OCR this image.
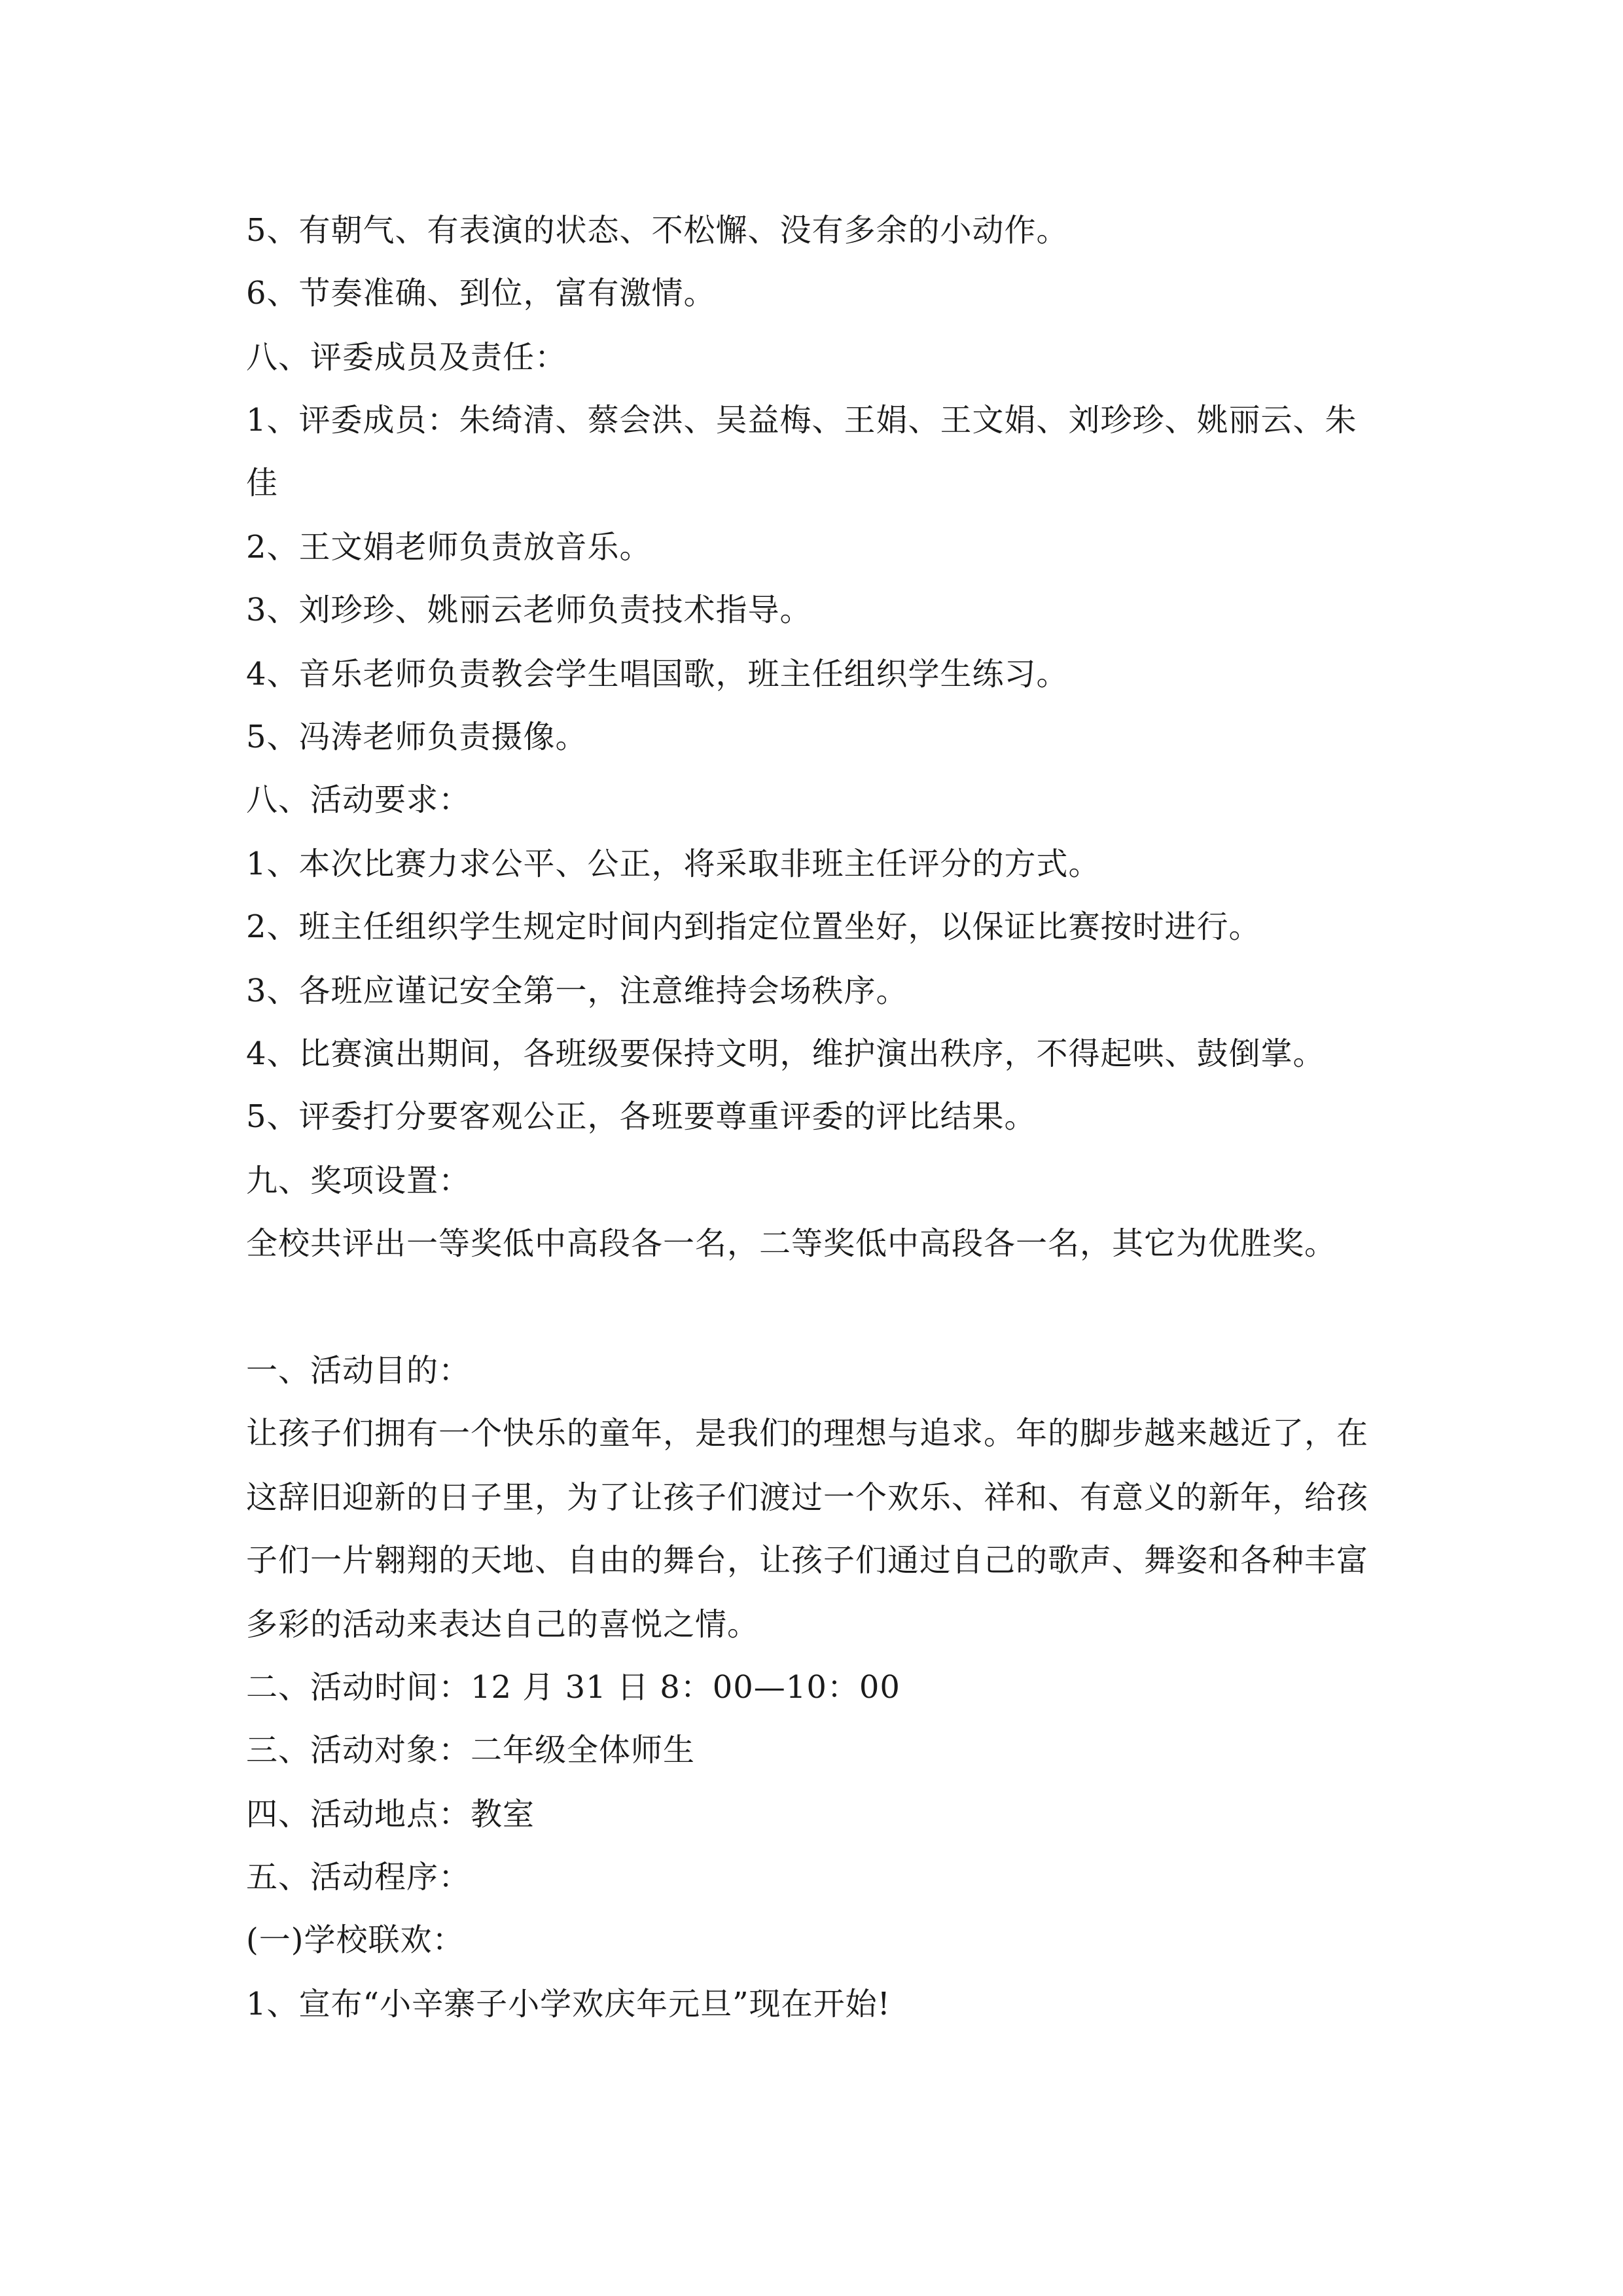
5、有朝气、有表演的状态、不松懈、没有多余的小动作。
6、节奏准确、到位，富有激情。
八、评委成员及责任：
1、评委成员：朱绮清、蔡会洪、吴益梅、王娟、王文娟、刘珍珍、姚丽云、朱
佳
2、王文娟老师负责放音乐。
3、刘珍珍、姚丽云老师负责技术指导。
4、音乐老师负责教会学生唱国歌，班主任组织学生练习。
5、冯涛老师负责摄像。
八、活动要求：
1、本次比赛力求公平、公正，将采取非班主任评分的方式。
2、班主任组织学生规定时间内到指定位置坐好，以保证比赛按时进行。
3、各班应谨记安全第一，注意维持会场秩序。
4、比赛演出期间，各班级要保持文明，维护演出秩序，不得起哄、鼓倒掌。
5、评委打分要客观公正，各班要尊重评委的评比结果。
九、奖项设置：
全校共评出一等奖低中高段各一名，二等奖低中高段各一名，其它为优胜奖。
一、活动目的：
让孩子们拥有一个快乐的童年，是我们的理想与追求。年的脚步越来越近了，在
这辞旧迎新的日子里，为了让孩子们渡过一个欢乐、祥和、有意义的新年，给孩
子们一片翱翔的天地、自由的舞台，让孩子们通过自己的歌声、舞姿和各种丰富
多彩的活动来表达自己的喜悦之情。
二、活动时间：12 月 31 日 8：00—10：00
三、活动对象：二年级全体师生
四、活动地点：教室
五、活动程序：
(一)学校联欢：
1、宣布“小辛寨子小学欢庆年元旦”现在开始!
